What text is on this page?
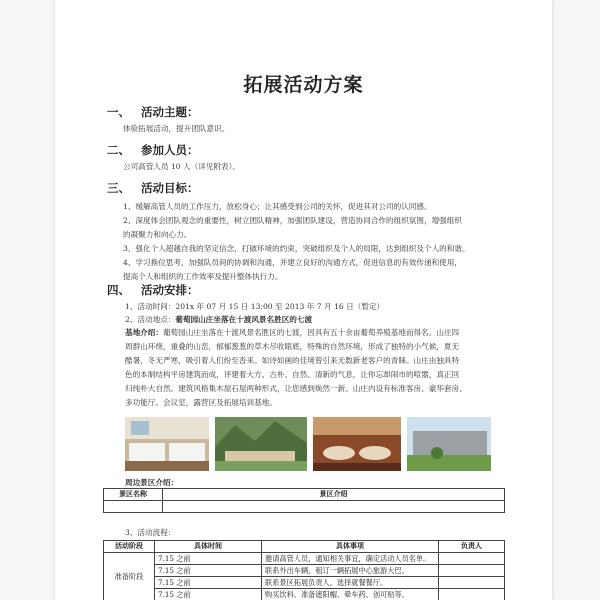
拓展活动方案
一、 活动主题：
体验拓展活动，提升团队意识。
二、 参加人员：
公司高管人员 10 人（详见附表）。
三、 活动目标：
1、缓解高管人员的工作压力，放松身心；让其感受到公司的关怀，促进其对公司的认同感。
2、深度体会团队观念的重要性，树立团队精神，加强团队建设，营造协同合作的组织氛围，增强组织
的凝聚力和向心力。
3、强化个人超越自我的坚定信念，打破环境的约束，突破组织及个人的局限，达到组织及个人的和谐。
4、学习换位思考，加强队员间的协调和沟通，并建立良好的沟通方式，促进信息的有效传递和使用，
提高个人和组织的工作效率及提升整体执行力。
四、 活动安排：
1、活动时间：201x 年 07 月 15 日 13:00 至 2013 年 7 月 16 日（暂定）
2、活动地点：葡萄园山庄坐落在十渡风景名胜区的七渡
基地介绍：葡萄园山庄坐落在十渡风景名胜区的七渡，因具有五十余亩葡萄养殖基地而得名。山庄四
周群山环绕，重叠的山峦，郁郁葱葱的草木尽收眼底，特殊的自然环境，形成了独特的小气候，夏无
酷暑，冬无严寒，吸引着人们纷至沓来。如诗如画的佳境曾引来无数新老客户的青睐。山庄由独具特
色的本制结构平房建筑而成，评建着大方、古朴、自然、清新的气息，让你忘却闹市的喧嚣，真正回
归纯朴大自然。建筑风格集木屋石屋两种形式，让您感到焕然一新。山庄内设有标准客房、豪华套房、
多功能厅、会议室，露营区及拓展培训基地。
周边景区介绍：
景区名称	景区介绍

3、活动流程：
活动阶段	具体时间	具体事项	负责人
准备阶段	7.15 之前	邀请高管人员，通知相关事宜，确定活动人员名单。	
	7.15 之前	联系外出车辆，租订一辆拓展中心旅游大巴。	
	7.15 之前	联系景区拓展负责人，选择就餐餐厅。	
	7.15 之前	购买饮料、准备遮阳帽、晕车药、创可贴等。	
